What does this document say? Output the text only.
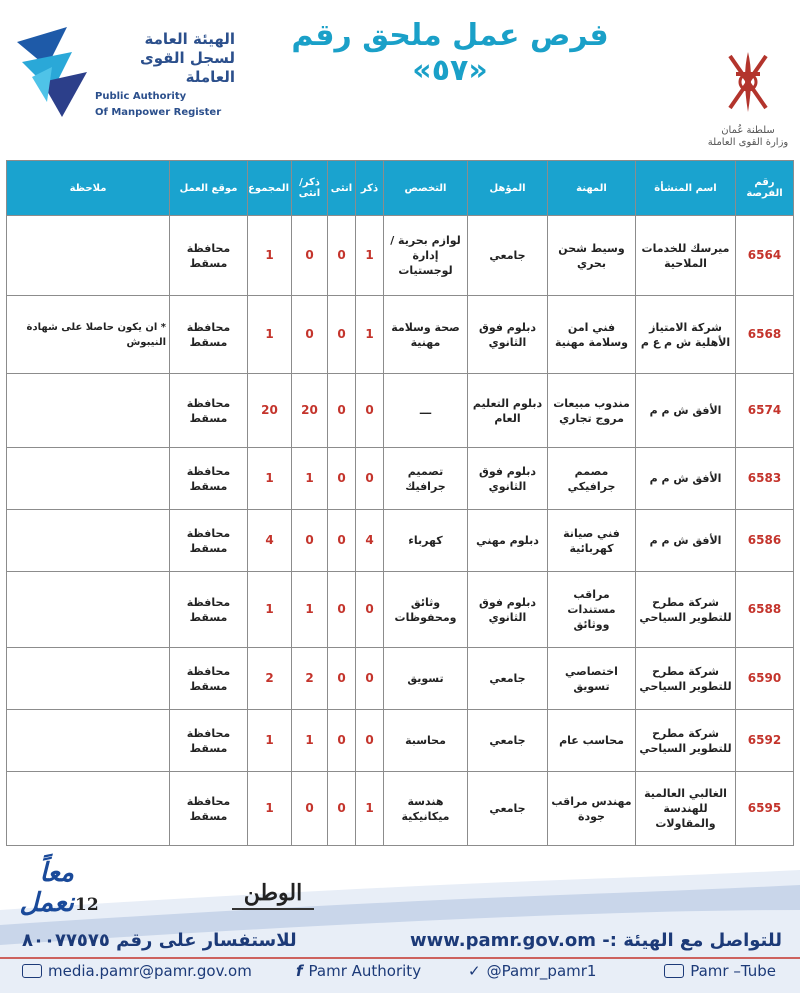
الهيئة العامة
لسجل القوى العاملة
Public Authority
Of Manpower Register
فرص عمل ملحق رقم «٥٧»
سلطنة عُمان
وزارة القوى العاملة
رقم الفرصة	اسم المنشأة	المهنة	المؤهل	التخصص	ذكر	انثى	ذكر/ انثى	المجموع	موقع العمل	ملاحظة
6564	ميرسك للخدمات الملاحية	وسيط شحن بحري	جامعي	لوازم بحرية / إدارة لوجستيات	1	0	0	1	محافظة مسقط	
6568	شركة الامتياز الأهلية ش م ع م	فني امن وسلامة مهنية	دبلوم فوق الثانوي	صحة وسلامة مهنية	1	0	0	1	محافظة مسقط	* ان يكون حاصلا على شهادة النيبوش
6574	الأفق ش م م	مندوب مبيعات مروج تجاري	دبلوم التعليم العام	ـــ	0	0	20	20	محافظة مسقط	
6583	الأفق ش م م	مصمم جرافيكي	دبلوم فوق الثانوي	تصميم جرافيك	0	0	1	1	محافظة مسقط	
6586	الأفق ش م م	فني صيانة كهربائية	دبلوم مهني	كهرباء	4	0	0	4	محافظة مسقط	
6588	شركة مطرح للتطوير السياحي	مراقب مستندات ووثائق	دبلوم فوق الثانوي	وثائق ومحفوظات	0	0	1	1	محافظة مسقط	
6590	شركة مطرح للتطوير السياحي	اختصاصي تسويق	جامعي	تسويق	0	0	2	2	محافظة مسقط	
6592	شركة مطرح للتطوير السياحي	محاسب عام	جامعي	محاسبة	0	0	1	1	محافظة مسقط	
6595	الغالبي العالمية للهندسة والمقاولات	مهندس مراقب جودة	جامعي	هندسة ميكانيكية	1	0	0	1	محافظة مسقط	
معاً نعمل 12	الوطن
للتواصل مع الهيئة :- www.pamr.gov.om
للاستفسار على رقم ٨٠٠٧٧٥٧٥
Pamr –Tube
✓ @Pamr_pamr1
f Pamr Authority
media.pamr@pamr.gov.om
